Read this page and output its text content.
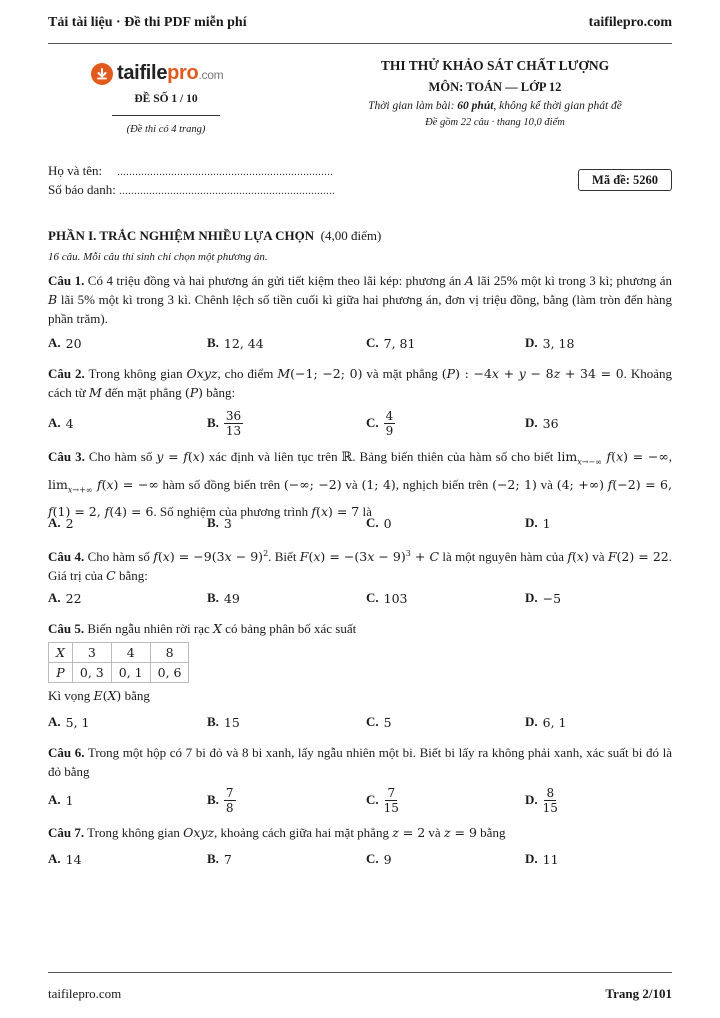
Tải tài liệu · Đề thi PDF miễn phí	taifilepro.com
taifilepro.com
ĐỀ SỐ 1 / 10
(Đề thi có 4 trang)
THI THỬ KHẢO SÁT CHẤT LƯỢNG
MÔN: TOÁN — LỚP 12
Thời gian làm bài: 60 phút, không kể thời gian phát đề
Đề gồm 22 câu · thang 10,0 điểm
Họ và tên: ........................................................................
Số báo danh: ........................................................................
Mã đề: 5260
PHẦN I. TRẮC NGHIỆM NHIỀU LỰA CHỌN (4,00 điểm)
16 câu. Mỗi câu thí sinh chỉ chọn một phương án.
Câu 1. Có 4 triệu đồng và hai phương án gửi tiết kiệm theo lãi kép: phương án A lãi 25% một kì trong 3 kì; phương án B lãi 5% một kì trong 3 kì. Chênh lệch số tiền cuối kì giữa hai phương án, đơn vị triệu đồng, bằng (làm tròn đến hàng phần trăm).
A. 20	B. 12, 44	C. 7, 81	D. 3, 18
Câu 2. Trong không gian Oxyz, cho điểm M(−1; −2; 0) và mặt phẳng (P) : −4x + y − 8z + 34 = 0. Khoảng cách từ M đến mặt phẳng (P) bằng:
A. 4	B. $\frac{36}{13}$	C. $\frac{4}{9}$	D. 36
Câu 3. Cho hàm số y = f(x) xác định và liên tục trên ℝ. Bảng biến thiên của hàm số cho biết $\lim_{x\to-\infty} f(x)$ = −∞, $\lim_{x\to+\infty} f(x)$ = −∞ hàm số đồng biến trên (−∞; −2) và (1; 4), nghịch biến trên (−2; 1) và (4; +∞) f(−2) = 6, f(1) = 2, f(4) = 6. Số nghiệm của phương trình f(x) = 7 là
A. 2	B. 3	C. 0	D. 1
Câu 4. Cho hàm số $f(x) = -9(3x - 9)^2$. Biết $F(x) = -(3x - 9)^3 + C$ là một nguyên hàm của f(x) và F(2) = 22. Giá trị của C bằng:
A. 22	B. 49	C. 103	D. −5
Câu 5. Biến ngẫu nhiên rời rạc X có bảng phân bố xác suất
X	3	4	8
P	0, 3	0, 1	0, 6
Kì vọng E(X) bằng
A. 5, 1	B. 15	C. 5	D. 6, 1
Câu 6. Trong một hộp có 7 bi đỏ và 8 bi xanh, lấy ngẫu nhiên một bi. Biết bi lấy ra không phải xanh, xác suất bi đó là đỏ bằng
A. 1	B. $\frac{7}{8}$	C. $\frac{7}{15}$	D. $\frac{8}{15}$
Câu 7. Trong không gian Oxyz, khoảng cách giữa hai mặt phẳng z = 2 và z = 9 bằng
A. 14	B. 7	C. 9	D. 11
taifilepro.com	Trang 2/101
